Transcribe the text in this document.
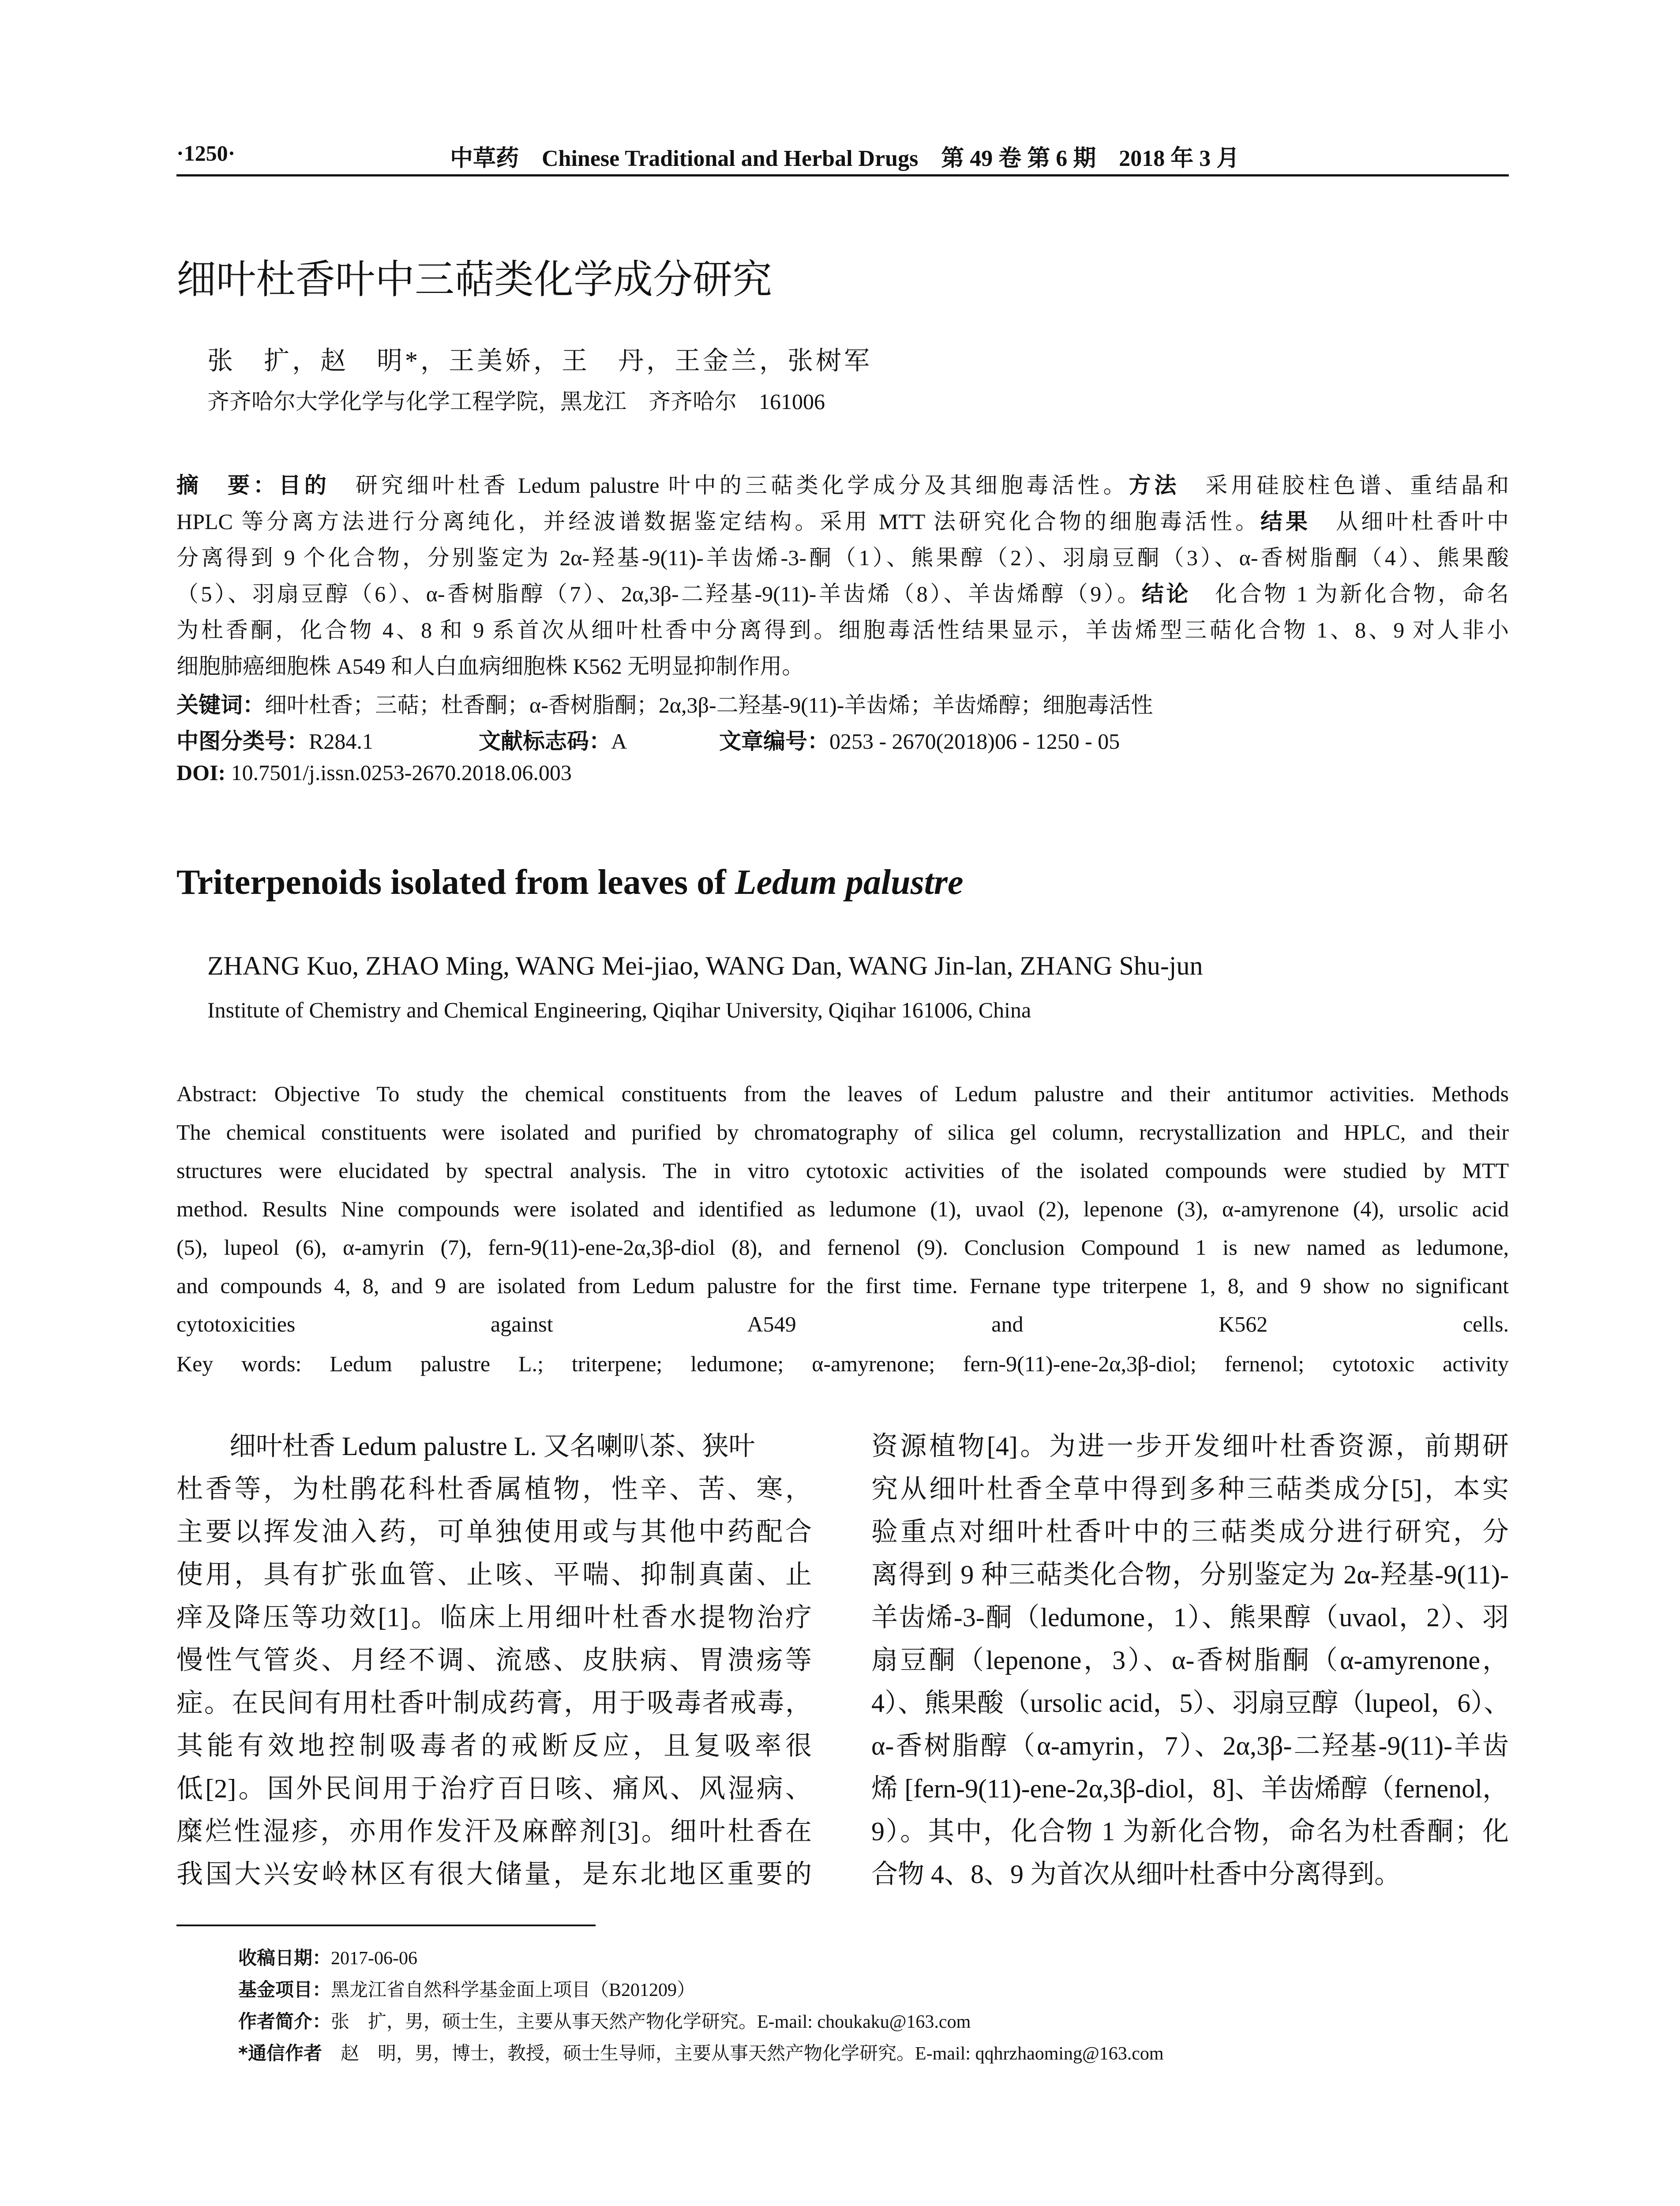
·1250·	中草药　Chinese Traditional and Herbal Drugs　第 49 卷 第 6 期　2018 年 3 月
细叶杜香叶中三萜类化学成分研究
张　扩，赵　明*，王美娇，王　丹，王金兰，张树军
齐齐哈尔大学化学与化学工程学院，黑龙江　齐齐哈尔　161006
摘　要：目的　 研究细叶杜香 Ledum palustre 叶中的三萜类化学成分及其细胞毒活性。方法　 采用硅胶柱色谱、重结晶和
HPLC 等分离方法进行分离纯化，并经波谱数据鉴定结构。采用 MTT 法研究化合物的细胞毒活性。结果　 从细叶杜香叶中
分离得到 9 个化合物，分别鉴定为 2α-羟基-9(11)-羊齿烯-3-酮（1）、熊果醇（2）、羽扇豆酮（3）、α-香树脂酮（4）、熊果酸
（5）、羽扇豆醇（6）、α-香树脂醇（7）、2α,3β-二羟基-9(11)-羊齿烯（8）、羊齿烯醇（9）。结论　 化合物 1 为新化合物，命名
为杜香酮，化合物 4、8 和 9 系首次从细叶杜香中分离得到。细胞毒活性结果显示，羊齿烯型三萜化合物 1、8、9 对人非小
细胞肺癌细胞株 A549 和人白血病细胞株 K562 无明显抑制作用。
关键词：细叶杜香；三萜；杜香酮；α-香树脂酮；2α,3β-二羟基-9(11)-羊齿烯；羊齿烯醇；细胞毒活性
中图分类号：R284.1	文献标志码：A	文章编号：0253 - 2670(2018)06 - 1250 - 05
DOI: 10.7501/j.issn.0253-2670.2018.06.003
Triterpenoids isolated from leaves of Ledum palustre
ZHANG Kuo, ZHAO Ming, WANG Mei-jiao, WANG Dan, WANG Jin-lan, ZHANG Shu-jun
Institute of Chemistry and Chemical Engineering, Qiqihar University, Qiqihar 161006, China
Abstract: Objective To study the chemical constituents from the leaves of Ledum palustre and their antitumor activities. Methods
The chemical constituents were isolated and purified by chromatography of silica gel column, recrystallization and HPLC, and their
structures were elucidated by spectral analysis. The in vitro cytotoxic activities of the isolated compounds were studied by MTT
method. Results Nine compounds were isolated and identified as ledumone (1), uvaol (2), lepenone (3), α-amyrenone (4), ursolic acid
(5), lupeol (6), α-amyrin (7), fern-9(11)-ene-2α,3β-diol (8), and fernenol (9). Conclusion Compound 1 is new named as ledumone,
and compounds 4, 8, and 9 are isolated from Ledum palustre for the first time. Fernane type triterpene 1, 8, and 9 show no significant
cytotoxicities against A549 and K562 cells.
Key words: Ledum palustre L.; triterpene; ledumone; α-amyrenone; fern-9(11)-ene-2α,3β-diol; fernenol; cytotoxic activity
细叶杜香 Ledum palustre L. 又名喇叭茶、狭叶
杜香等，为杜鹃花科杜香属植物，性辛、苦、寒，
主要以挥发油入药，可单独使用或与其他中药配合
使用，具有扩张血管、止咳、平喘、抑制真菌、止
痒及降压等功效[1]。临床上用细叶杜香水提物治疗
慢性气管炎、月经不调、流感、皮肤病、胃溃疡等
症。在民间有用杜香叶制成药膏，用于吸毒者戒毒，
其能有效地控制吸毒者的戒断反应，且复吸率很
低[2]。国外民间用于治疗百日咳、痛风、风湿病、
糜烂性湿疹，亦用作发汗及麻醉剂[3]。细叶杜香在
我国大兴安岭林区有很大储量，是东北地区重要的
资源植物[4]。为进一步开发细叶杜香资源，前期研
究从细叶杜香全草中得到多种三萜类成分[5]，本实
验重点对细叶杜香叶中的三萜类成分进行研究，分
离得到 9 种三萜类化合物，分别鉴定为 2α-羟基-9(11)-
羊齿烯-3-酮（ledumone，1）、熊果醇（uvaol，2）、羽
扇豆酮（lepenone，3）、α-香树脂酮（α-amyrenone，
4）、熊果酸（ursolic acid，5）、羽扇豆醇（lupeol，6）、
α-香树脂醇（α-amyrin，7）、2α,3β-二羟基-9(11)-羊齿
烯 [fern-9(11)-ene-2α,3β-diol，8]、羊齿烯醇（fernenol，
9）。其中，化合物 1 为新化合物，命名为杜香酮；化
合物 4、8、9 为首次从细叶杜香中分离得到。
收稿日期：2017-06-06
基金项目：黑龙江省自然科学基金面上项目（B201209）
作者简介：张　扩，男，硕士生，主要从事天然产物化学研究。E-mail: choukaku@163.com
*通信作者　 赵　明，男，博士，教授，硕士生导师，主要从事天然产物化学研究。E-mail: qqhrzhaoming@163.com
